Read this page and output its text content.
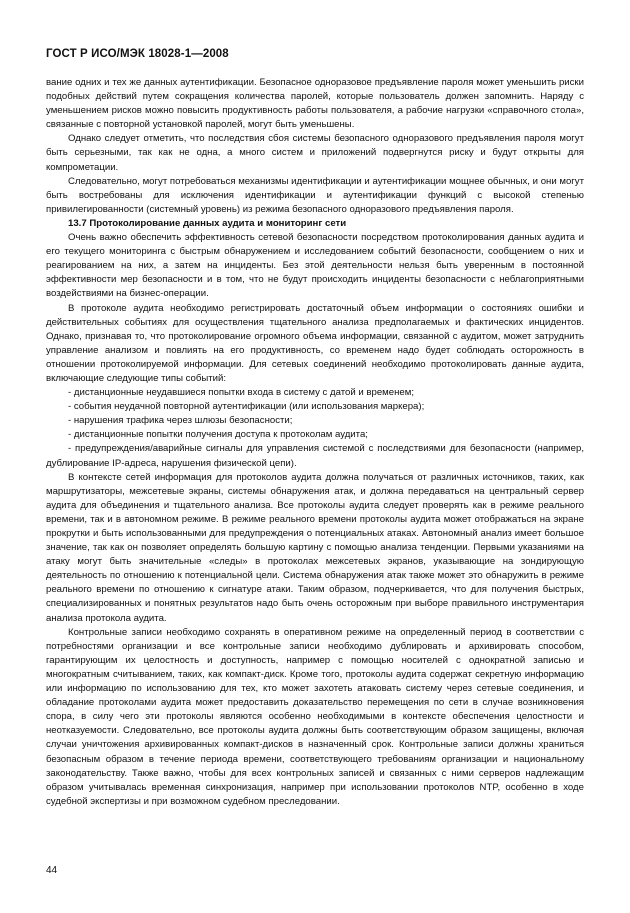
ГОСТ Р ИСО/МЭК 18028-1—2008

вание одних и тех же данных аутентификации. Безопасное одноразовое предъявление пароля может уменьшить риски подобных действий путем сокращения количества паролей, которые пользователь должен запомнить. Наряду с уменьшением рисков можно повысить продуктивность работы пользователя, а рабочие нагрузки «справочного стола», связанные с повторной установкой паролей, могут быть уменьшены.

Однако следует отметить, что последствия сбоя системы безопасного одноразового предъявления пароля могут быть серьезными, так как не одна, а много систем и приложений подвергнутся риску и будут открыты для компрометации.

Следовательно, могут потребоваться механизмы идентификации и аутентификации мощнее обычных, и они могут быть востребованы для исключения идентификации и аутентификации функций с высокой степенью привилегированности (системный уровень) из режима безопасного одноразового предъявления пароля.

13.7 Протоколирование данных аудита и мониторинг сети

Очень важно обеспечить эффективность сетевой безопасности посредством протоколирования данных аудита и его текущего мониторинга с быстрым обнаружением и исследованием событий безопасности, сообщением о них и реагированием на них, а затем на инциденты. Без этой деятельности нельзя быть уверенным в постоянной эффективности мер безопасности и в том, что не будут происходить инциденты безопасности с неблагоприятными воздействиями на бизнес-операции.

В протоколе аудита необходимо регистрировать достаточный объем информации о состояниях ошибки и действительных событиях для осуществления тщательного анализа предполагаемых и фактических инцидентов. Однако, признавая то, что протоколирование огромного объема информации, связанной с аудитом, может затруднить управление анализом и повлиять на его продуктивность, со временем надо будет соблюдать осторожность в отношении протоколируемой информации. Для сетевых соединений необходимо протоколировать данные аудита, включающие следующие типы событий:

- дистанционные неудавшиеся попытки входа в систему с датой и временем;

- события неудачной повторной аутентификации (или использования маркера);

- нарушения трафика через шлюзы безопасности;

- дистанционные попытки получения доступа к протоколам аудита;

- предупреждения/аварийные сигналы для управления системой с последствиями для безопасности (например, дублирование IP-адреса, нарушения физической цепи).

В контексте сетей информация для протоколов аудита должна получаться от различных источников, таких, как маршрутизаторы, межсетевые экраны, системы обнаружения атак, и должна передаваться на центральный сервер аудита для объединения и тщательного анализа. Все протоколы аудита следует проверять как в режиме реального времени, так и в автономном режиме. В режиме реального времени протоколы аудита может отображаться на экране прокрутки и быть использованными для предупреждения о потенциальных атаках. Автономный анализ имеет большое значение, так как он позволяет определять большую картину с помощью анализа тенденции. Первыми указаниями на атаку могут быть значительные «следы» в протоколах межсетевых экранов, указывающие на зондирующую деятельность по отношению к потенциальной цели. Система обнаружения атак также может это обнаружить в режиме реального времени по отношению к сигнатуре атаки. Таким образом, подчеркивается, что для получения быстрых, специализированных и понятных результатов надо быть очень осторожным при выборе правильного инструментария анализа протокола аудита.

Контрольные записи необходимо сохранять в оперативном режиме на определенный период в соответствии с потребностями организации и все контрольные записи необходимо дублировать и архивировать способом, гарантирующим их целостность и доступность, например с помощью носителей с однократной записью и многократным считыванием, таких, как компакт-диск. Кроме того, протоколы аудита содержат секретную информацию или информацию по использованию для тех, кто может захотеть атаковать систему через сетевые соединения, и обладание протоколами аудита может предоставить доказательство перемещения по сети в случае возникновения спора, в силу чего эти протоколы являются особенно необходимыми в контексте обеспечения целостности и неотказуемости. Следовательно, все протоколы аудита должны быть соответствующим образом защищены, включая случаи уничтожения архивированных компакт-дисков в назначенный срок. Контрольные записи должны храниться безопасным образом в течение периода времени, соответствующего требованиям организации и национальному законодательству. Также важно, чтобы для всех контрольных записей и связанных с ними серверов надлежащим образом учитывалась временная синхронизация, например при использовании протоколов NTP, особенно в ходе судебной экспертизы и при возможном судебном преследовании.

44
